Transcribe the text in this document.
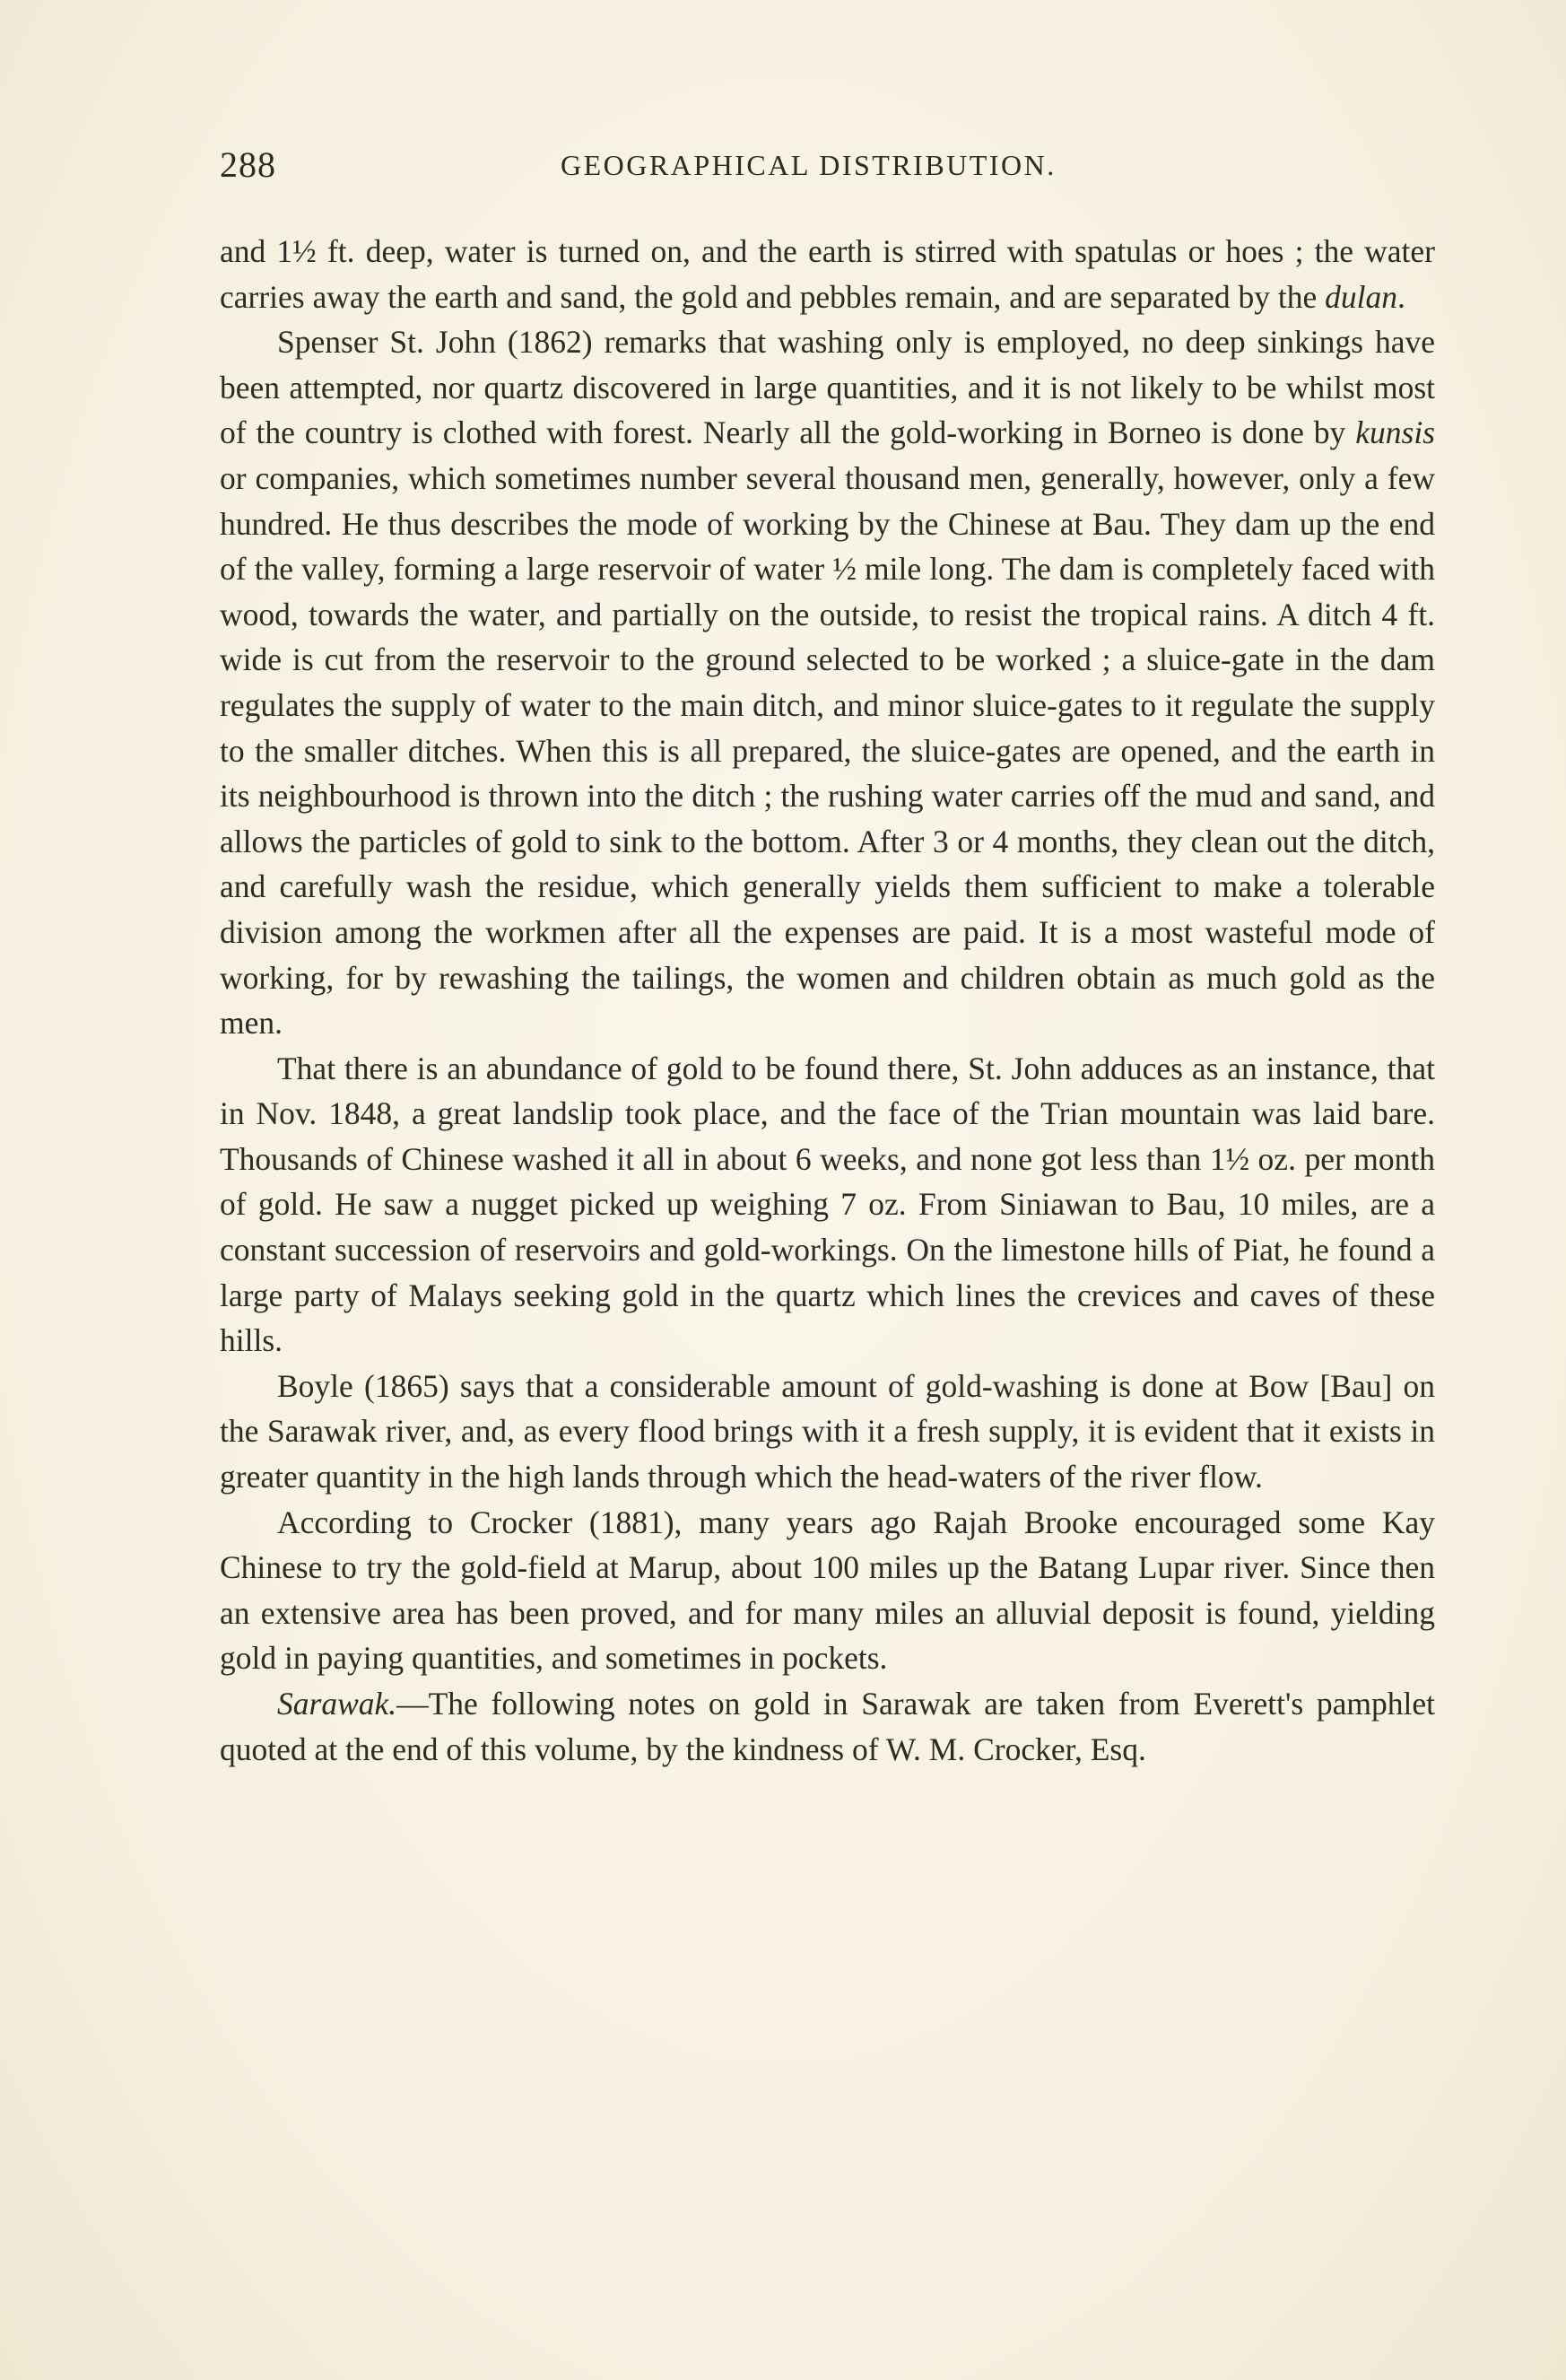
288	GEOGRAPHICAL DISTRIBUTION.

and 1½ ft. deep, water is turned on, and the earth is stirred with spatulas or hoes ; the water carries away the earth and sand, the gold and pebbles remain, and are separated by the dulan.

Spenser St. John (1862) remarks that washing only is employed, no deep sinkings have been attempted, nor quartz discovered in large quantities, and it is not likely to be whilst most of the country is clothed with forest. Nearly all the gold-working in Borneo is done by kunsis or companies, which sometimes number several thousand men, generally, however, only a few hundred. He thus describes the mode of working by the Chinese at Bau. They dam up the end of the valley, forming a large reservoir of water ½ mile long. The dam is completely faced with wood, towards the water, and partially on the outside, to resist the tropical rains. A ditch 4 ft. wide is cut from the reservoir to the ground selected to be worked ; a sluice-gate in the dam regulates the supply of water to the main ditch, and minor sluice-gates to it regulate the supply to the smaller ditches. When this is all prepared, the sluice-gates are opened, and the earth in its neighbourhood is thrown into the ditch ; the rushing water carries off the mud and sand, and allows the particles of gold to sink to the bottom. After 3 or 4 months, they clean out the ditch, and carefully wash the residue, which generally yields them sufficient to make a tolerable division among the workmen after all the expenses are paid. It is a most wasteful mode of working, for by rewashing the tailings, the women and children obtain as much gold as the men.

That there is an abundance of gold to be found there, St. John adduces as an instance, that in Nov. 1848, a great landslip took place, and the face of the Trian mountain was laid bare. Thousands of Chinese washed it all in about 6 weeks, and none got less than 1½ oz. per month of gold. He saw a nugget picked up weighing 7 oz. From Siniawan to Bau, 10 miles, are a constant succession of reservoirs and gold-workings. On the limestone hills of Piat, he found a large party of Malays seeking gold in the quartz which lines the crevices and caves of these hills.

Boyle (1865) says that a considerable amount of gold-washing is done at Bow [Bau] on the Sarawak river, and, as every flood brings with it a fresh supply, it is evident that it exists in greater quantity in the high lands through which the head-waters of the river flow.

According to Crocker (1881), many years ago Rajah Brooke encouraged some Kay Chinese to try the gold-field at Marup, about 100 miles up the Batang Lupar river. Since then an extensive area has been proved, and for many miles an alluvial deposit is found, yielding gold in paying quantities, and sometimes in pockets.

Sarawak.—The following notes on gold in Sarawak are taken from Everett's pamphlet quoted at the end of this volume, by the kindness of W. M. Crocker, Esq.
